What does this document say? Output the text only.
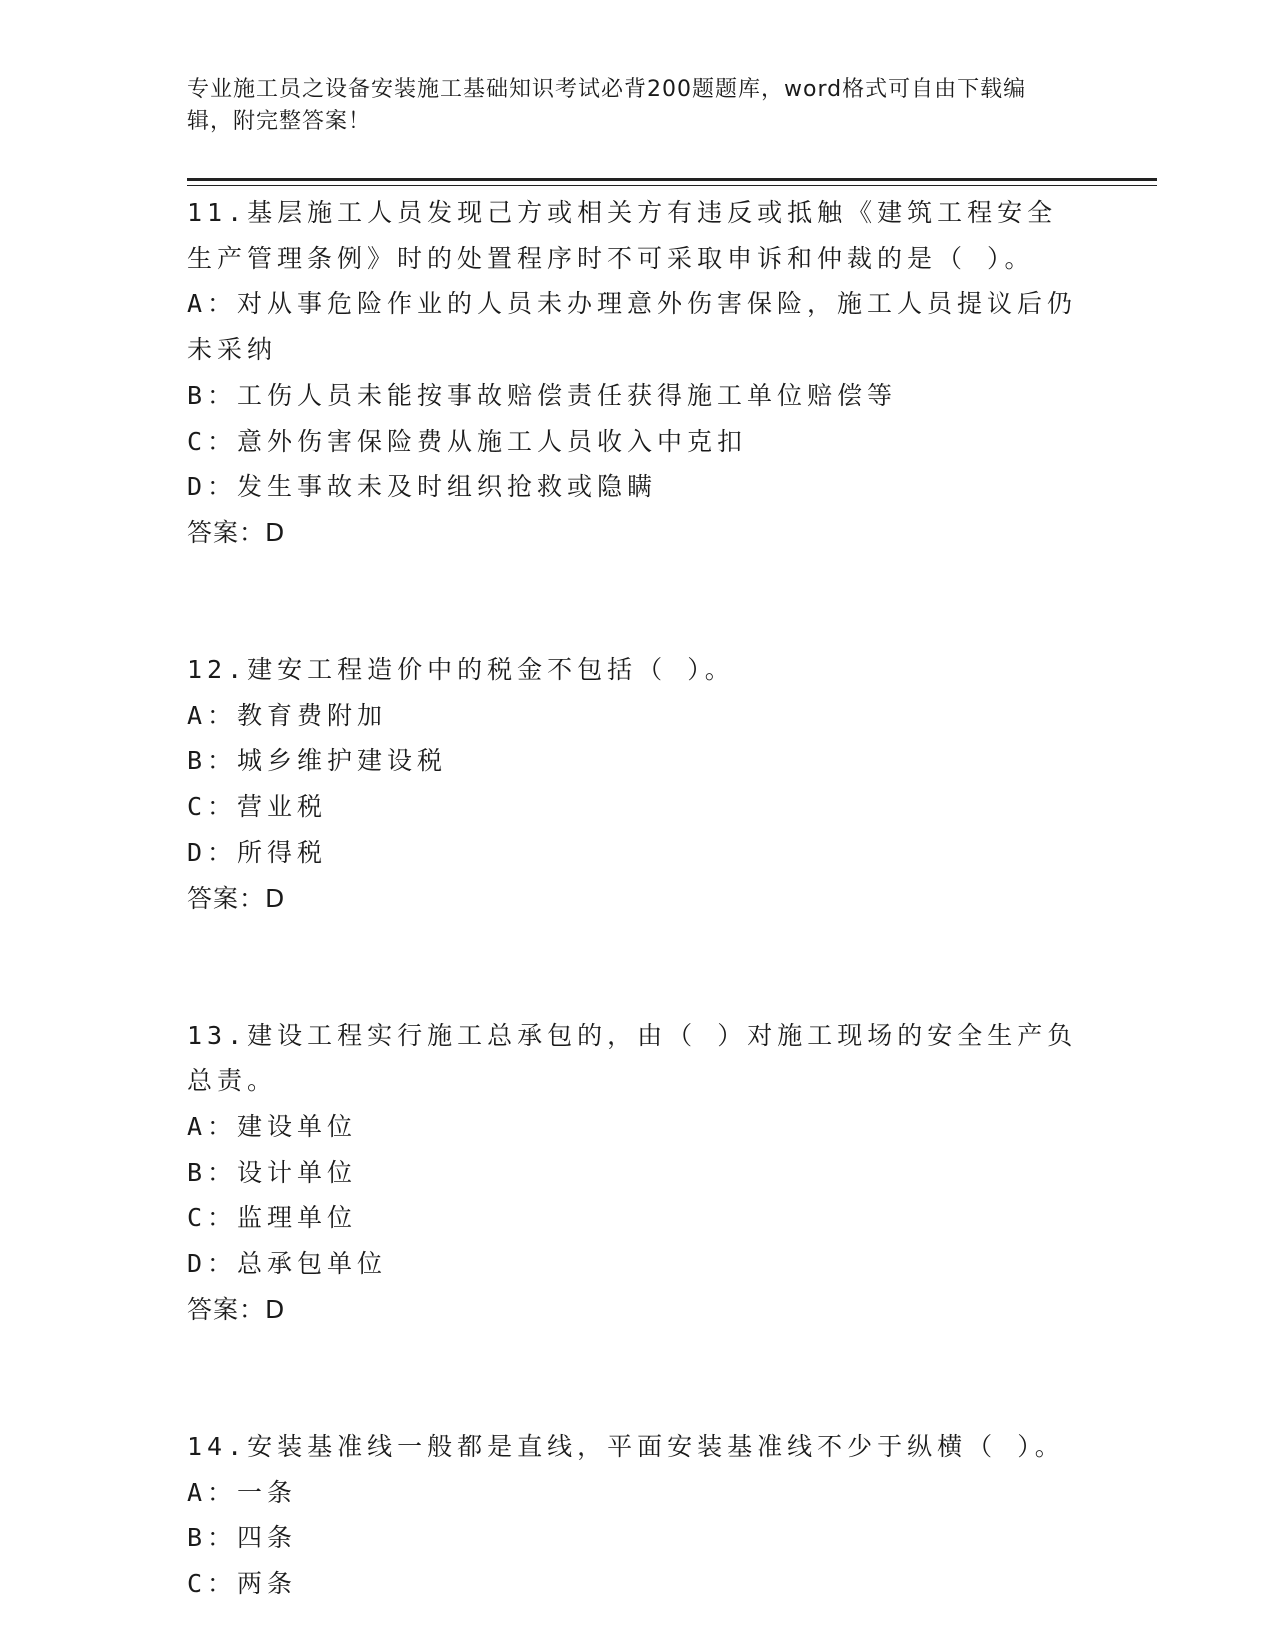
专业施工员之设备安装施工基础知识考试必背200题题库，word格式可自由下载编辑，附完整答案！
11.基层施工人员发现己方或相关方有违反或抵触《建筑工程安全生产管理条例》时的处置程序时不可采取申诉和仲裁的是（ ）。
A：对从事危险作业的人员未办理意外伤害保险，施工人员提议后仍未采纳
B：工伤人员未能按事故赔偿责任获得施工单位赔偿等
C：意外伤害保险费从施工人员收入中克扣
D：发生事故未及时组织抢救或隐瞒
答案：D
12.建安工程造价中的税金不包括（ ）。
A：教育费附加
B：城乡维护建设税
C：营业税
D：所得税
答案：D
13.建设工程实行施工总承包的，由（ ）对施工现场的安全生产负总责。
A：建设单位
B：设计单位
C：监理单位
D：总承包单位
答案：D
14.安装基准线一般都是直线，平面安装基准线不少于纵横（ ）。
A：一条
B：四条
C：两条
